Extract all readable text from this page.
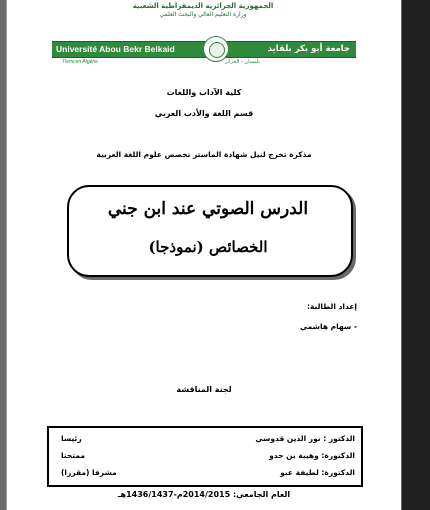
الجمهورية الجزائرية الديمقراطية الشعبية
وزارة التعليم العالي والبحث العلمي
Université Abou Bekr Belkaid	جامعة أبو بكر بلقايد
Tlemcen Algérie	تلمسان - الجزائر
كلية الآداب واللغات
قسم اللغة والأدب العربي
مذكرة تخرج لنيل شهادة الماستر تخصص علوم اللغة العربية
الدرس الصوتي عند ابن جني
الخصائص (نموذجا)
إعداد الطالبة:
- سهام هاشمي
لجنة المناقشة
الدكتور : نور الدين قدوسي
رئيسا
الدكتورة: وهيبة بن حدو
ممتحنا
الدكتورة: لطيفة عبو
مشرفا (مقررا)
العام الجامعي: 2014/2015م-1436/1437هـ
